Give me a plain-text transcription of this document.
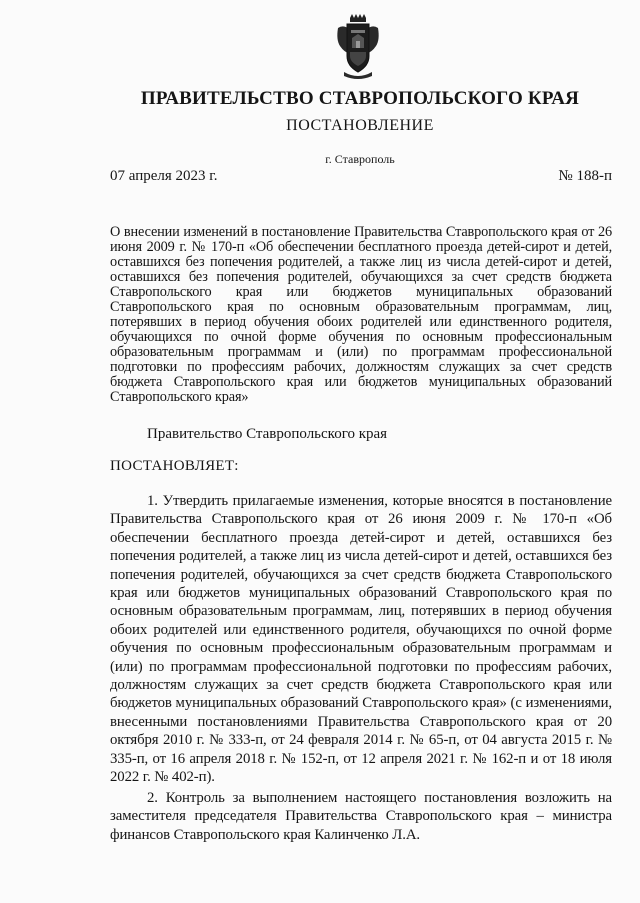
ПРАВИТЕЛЬСТВО СТАВРОПОЛЬСКОГО КРАЯ
ПОСТАНОВЛЕНИЕ
г. Ставрополь
07 апреля 2023 г.	№ 188-п
О внесении изменений в постановление Правительства Ставропольского края от 26 июня 2009 г. № 170-п «Об обеспечении бесплатного проезда детей-сирот и детей, оставшихся без попечения родителей, а также лиц из числа детей-сирот и детей, оставшихся без попечения родителей, обучающихся за счет средств бюджета Ставропольского края или бюджетов муниципальных образований Ставропольского края по основным образовательным программам, лиц, потерявших в период обучения обоих родителей или единственного родителя, обучающихся по очной форме обучения по основным профессиональным образовательным программам и (или) по программам профессиональной подготовки по профессиям рабочих, должностям служащих за счет средств бюджета Ставропольского края или бюджетов муниципальных образований Ставропольского края»
Правительство Ставропольского края
ПОСТАНОВЛЯЕТ:

1. Утвердить прилагаемые изменения, которые вносятся в постановление Правительства Ставропольского края от 26 июня 2009 г. № 170-п «Об обеспечении бесплатного проезда детей-сирот и детей, оставшихся без попечения родителей, а также лиц из числа детей-сирот и детей, оставшихся без попечения родителей, обучающихся за счет средств бюджета Ставропольского края или бюджетов муниципальных образований Ставропольского края по основным образовательным программам, лиц, потерявших в период обучения обоих родителей или единственного родителя, обучающихся по очной форме обучения по основным профессиональным образовательным программам и (или) по программам профессиональной подготовки по профессиям рабочих, должностям служащих за счет средств бюджета Ставропольского края или бюджетов муниципальных образований Ставропольского края» (с изменениями, внесенными постановлениями Правительства Ставропольского края от 20 октября 2010 г. № 333-п, от 24 февраля 2014 г. № 65-п, от 04 августа 2015 г. № 335-п, от 16 апреля 2018 г. № 152-п, от 12 апреля 2021 г. № 162-п и от 18 июля 2022 г. № 402-п).

2. Контроль за выполнением настоящего постановления возложить на заместителя председателя Правительства Ставропольского края – министра финансов Ставропольского края Калинченко Л.А.
